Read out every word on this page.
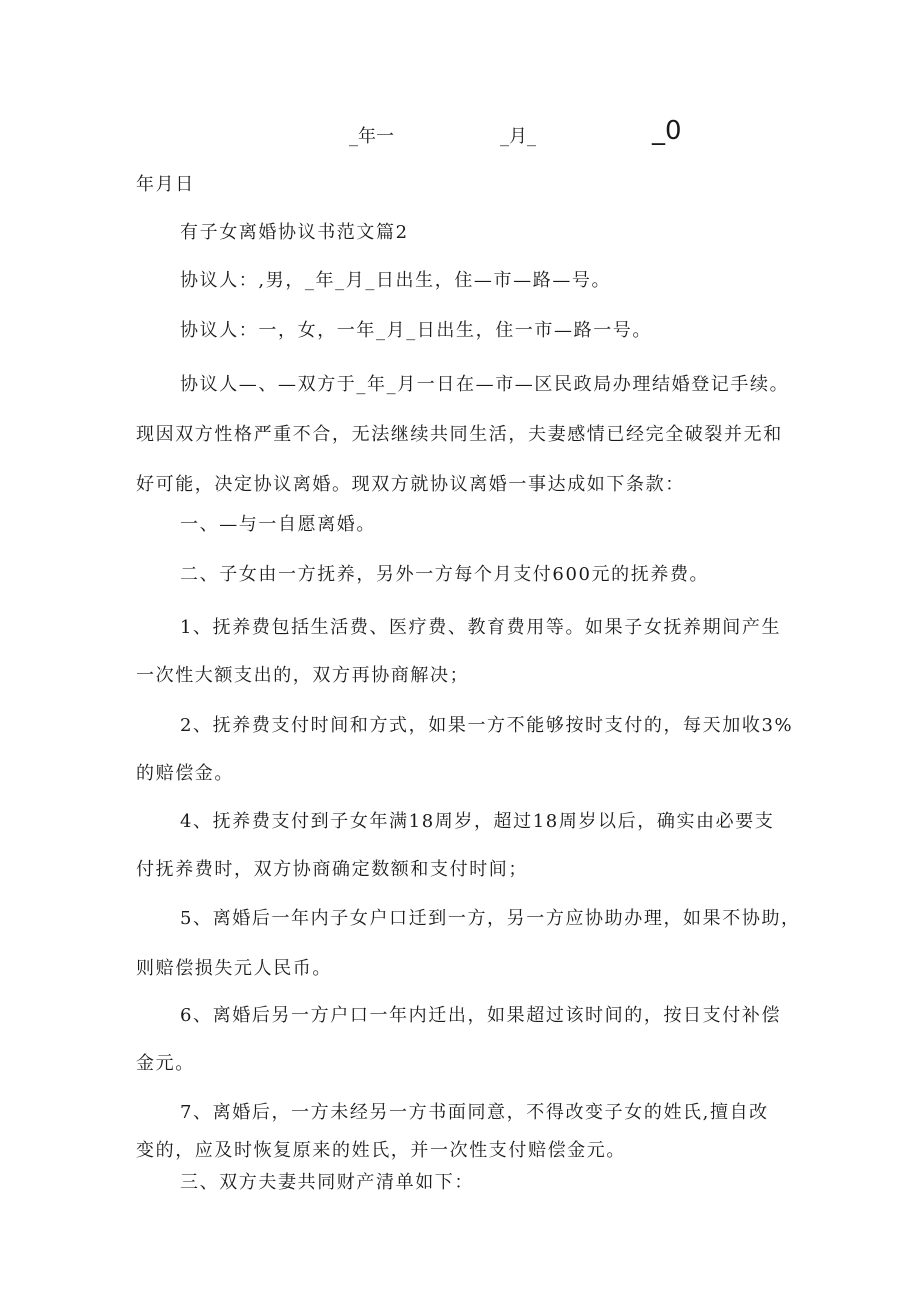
_年一	_月_	_0
年月日
有子女离婚协议书范文篇2
协议人：,男，_年_月_日出生，住—市—路—号。
协议人：一，女，一年_月_日出生，住一市—路一号。
协议人—、—双方于_年_月一日在—市—区民政局办理结婚登记手续。
现因双方性格严重不合，无法继续共同生活，夫妻感情已经完全破裂并无和
好可能，决定协议离婚。现双方就协议离婚一事达成如下条款：
一、—与一自愿离婚。
二、子女由一方抚养，另外一方每个月支付600元的抚养费。
1、抚养费包括生活费、医疗费、教育费用等。如果子女抚养期间产生
一次性大额支出的，双方再协商解决；
2、抚养费支付时间和方式，如果一方不能够按时支付的，每天加收3%
的赔偿金。
4、抚养费支付到子女年满18周岁，超过18周岁以后，确实由必要支
付抚养费时，双方协商确定数额和支付时间；
5、离婚后一年内子女户口迁到一方，另一方应协助办理，如果不协助，
则赔偿损失元人民币。
6、离婚后另一方户口一年内迁出，如果超过该时间的，按日支付补偿
金元。
7、离婚后，一方未经另一方书面同意，不得改变子女的姓氏,擅自改
变的，应及时恢复原来的姓氏，并一次性支付赔偿金元。
三、双方夫妻共同财产清单如下：
